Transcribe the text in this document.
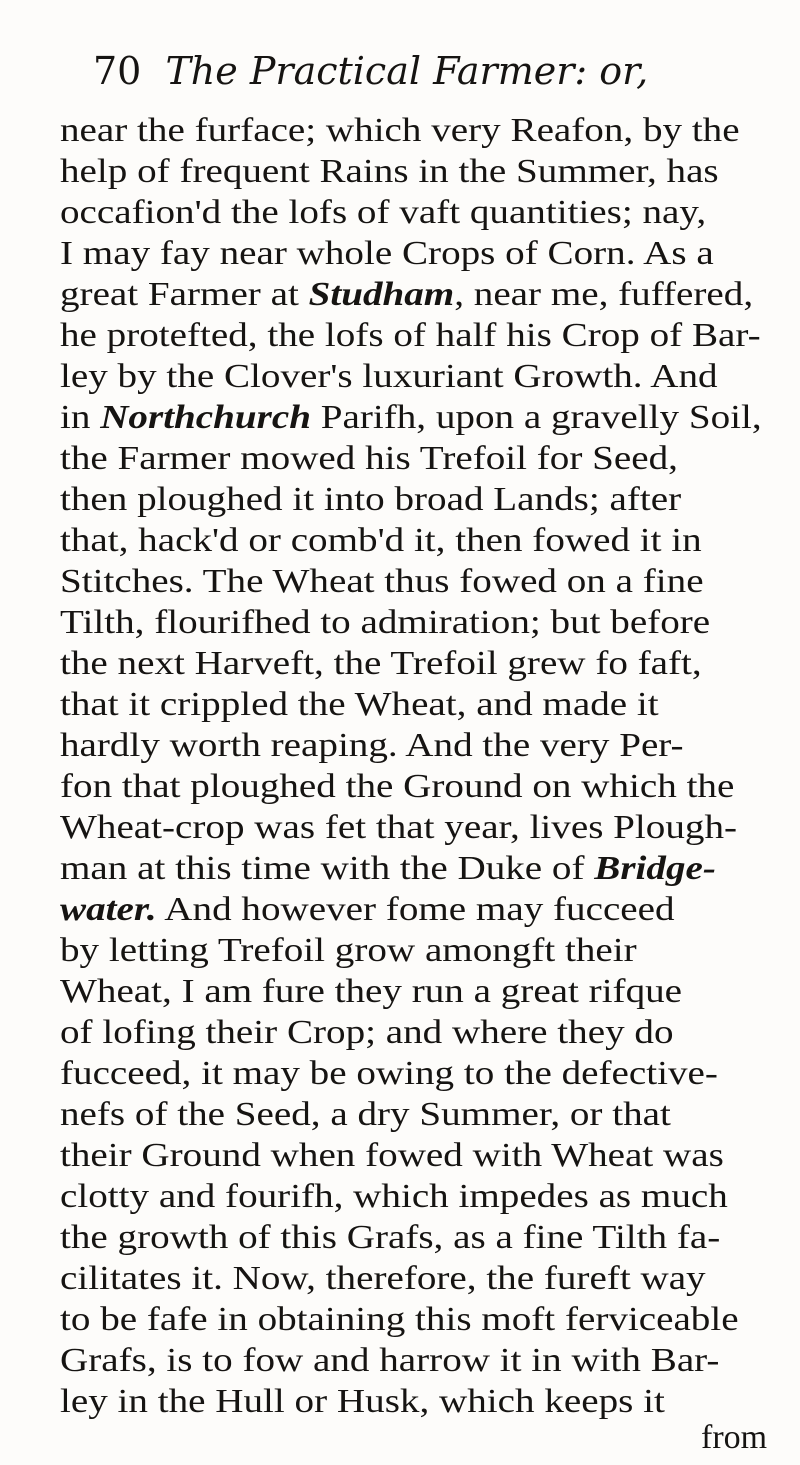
70 The Practical Farmer: or,
near the furface; which very Reafon, by the
help of frequent Rains in the Summer, has
occafion'd the lofs of vaft quantities; nay,
I may fay near whole Crops of Corn. As a
great Farmer at Studham, near me, fuffered,
he protefted, the lofs of half his Crop of Bar-
ley by the Clover's luxuriant Growth. And
in Northchurch Parifh, upon a gravelly Soil,
the Farmer mowed his Trefoil for Seed,
then ploughed it into broad Lands; after
that, hack'd or comb'd it, then fowed it in
Stitches. The Wheat thus fowed on a fine
Tilth, flourifhed to admiration; but before
the next Harveft, the Trefoil grew fo faft,
that it crippled the Wheat, and made it
hardly worth reaping. And the very Per-
fon that ploughed the Ground on which the
Wheat-crop was fet that year, lives Plough-
man at this time with the Duke of Bridge-
water. And however fome may fucceed
by letting Trefoil grow amongft their
Wheat, I am fure they run a great rifque
of lofing their Crop; and where they do
fucceed, it may be owing to the defective-
nefs of the Seed, a dry Summer, or that
their Ground when fowed with Wheat was
clotty and fourifh, which impedes as much
the growth of this Grafs, as a fine Tilth fa-
cilitates it. Now, therefore, the fureft way
to be fafe in obtaining this moft ferviceable
Grafs, is to fow and harrow it in with Bar-
ley in the Hull or Husk, which keeps it
from
